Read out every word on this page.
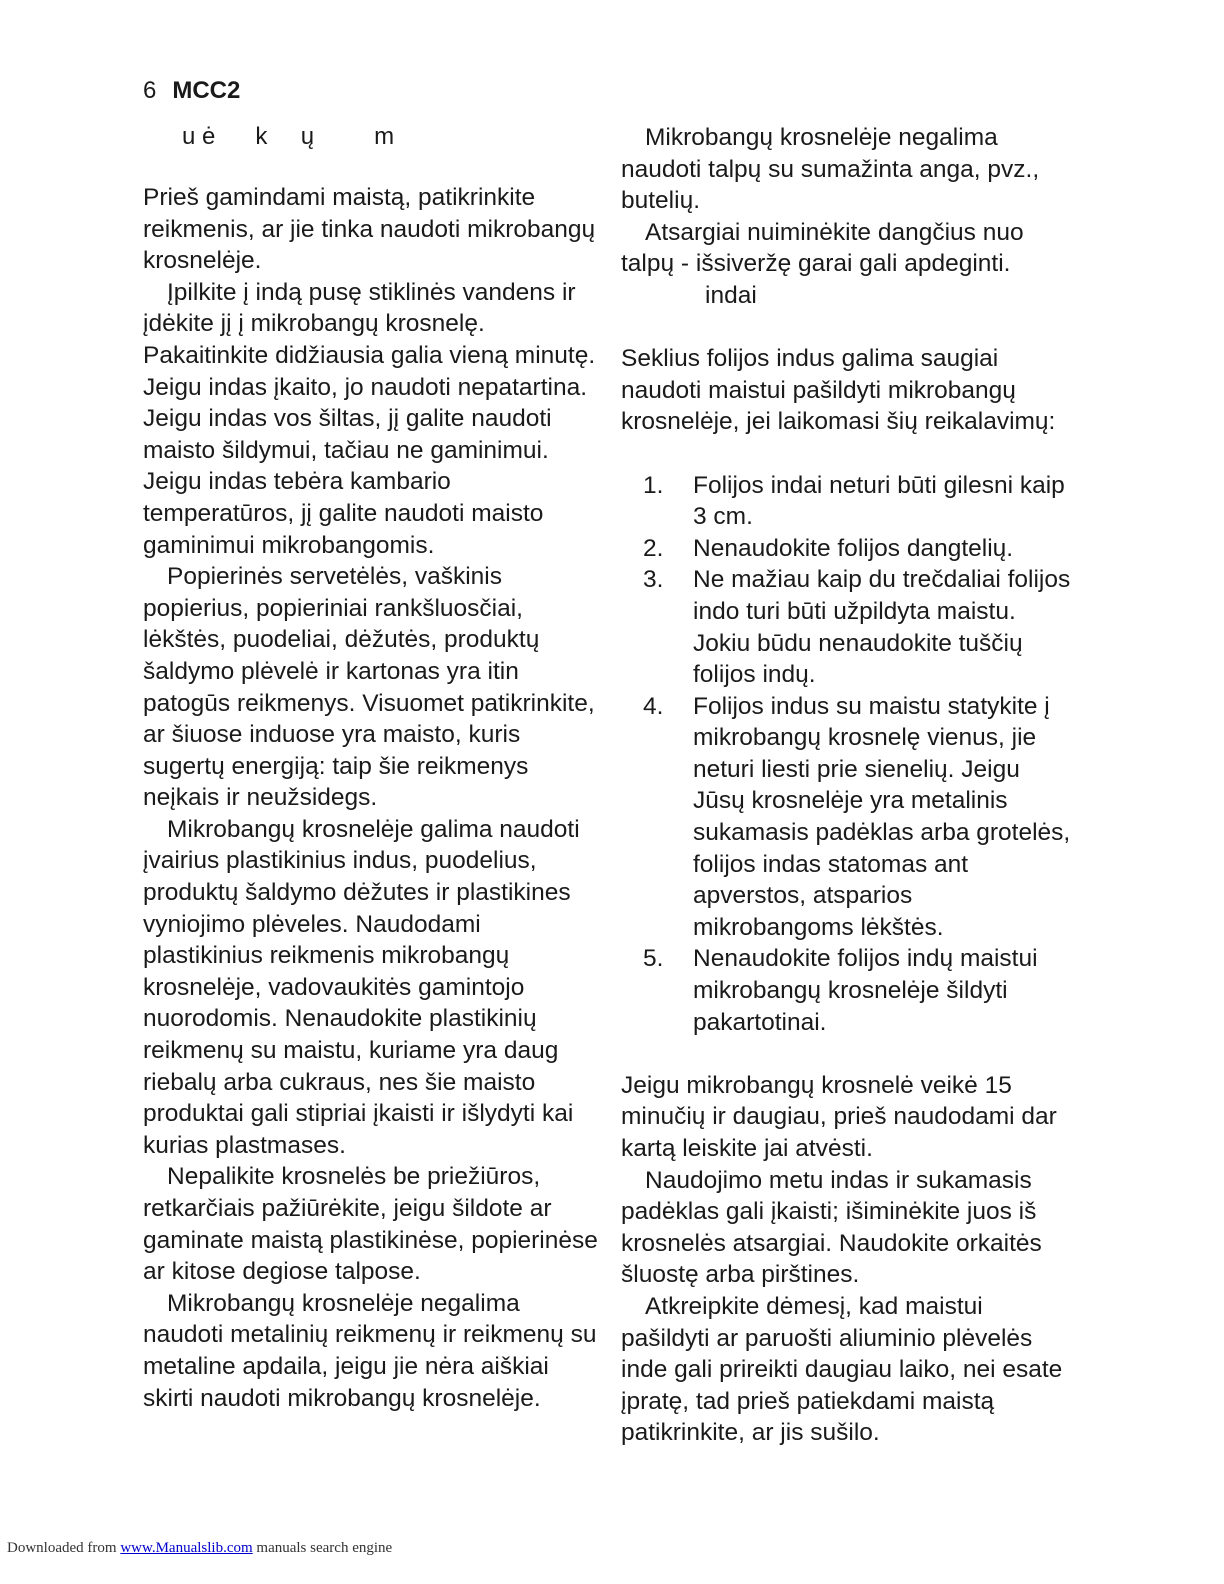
6 MCC2
u ė      k     ų         m

Prieš gamindami maistą, patikrinkite reikmenis, ar jie tinka naudoti mikrobangų krosnelėje.

Įpilkite į indą pusę stiklinės vandens ir įdėkite jį į mikrobangų krosnelę. Pakaitinkite didžiausia galia vieną minutę. Jeigu indas įkaito, jo naudoti nepatartina. Jeigu indas vos šiltas, jį galite naudoti maisto šildymui, tačiau ne gaminimui. Jeigu indas tebėra kambario temperatūros, jį galite naudoti maisto gaminimui mikrobangomis.

Popierinės servetėlės, vaškinis popierius, popieriniai rankšluosčiai, lėkštės, puodeliai, dėžutės, produktų šaldymo plėvelė ir kartonas yra itin patogūs reikmenys. Visuomet patikrinkite, ar šiuose induose yra maisto, kuris sugertų energiją: taip šie reikmenys neįkais ir neužsidegs.

Mikrobangų krosnelėje galima naudoti įvairius plastikinius indus, puodelius, produktų šaldymo dėžutes ir plastikines vyniojimo plėveles. Naudodami plastikinius reikmenis mikrobangų krosnelėje, vadovaukitės gamintojo nuorodomis. Nenaudokite plastikinių reikmenų su maistu, kuriame yra daug riebalų arba cukraus, nes šie maisto produktai gali stipriai įkaisti ir išlydyti kai kurias plastmases.

Nepalikite krosnelės be priežiūros, retkarčiais pažiūrėkite, jeigu šildote ar gaminate maistą plastikinėse, popierinėse ar kitose degiose talpose.

Mikrobangų krosnelėje negalima naudoti metalinių reikmenų ir reikmenų su metaline apdaila, jeigu jie nėra aiškiai skirti naudoti mikrobangų krosnelėje.

Mikrobangų krosnelėje negalima naudoti talpų su sumažinta anga, pvz., butelių.

Atsargiai nuiminėkite dangčius nuo talpų - išsiveržę garai gali apdeginti.

indai

Seklius folijos indus galima saugiai naudoti maistui pašildyti mikrobangų krosnelėje, jei laikomasi šių reikalavimų:

1. Folijos indai neturi būti gilesni kaip 3 cm.
2. Nenaudokite folijos dangtelių.
3. Ne mažiau kaip du trečdaliai folijos indo turi būti užpildyta maistu. Jokiu būdu nenaudokite tuščių folijos indų.
4. Folijos indus su maistu statykite į mikrobangų krosnelę vienus, jie neturi liesti prie sienelių. Jeigu Jūsų krosnelėje yra metalinis sukamasis padėklas arba grotelės, folijos indas statomas ant apverstos, atsparios mikrobangoms lėkštės.
5. Nenaudokite folijos indų maistui mikrobangų krosnelėje šildyti pakartotinai.

Jeigu mikrobangų krosnelė veikė 15 minučių ir daugiau, prieš naudodami dar kartą leiskite jai atvėsti.

Naudojimo metu indas ir sukamasis padėklas gali įkaisti; išiminėkite juos iš krosnelės atsargiai. Naudokite orkaitės šluostę arba pirštines.

Atkreipkite dėmesį, kad maistui pašildyti ar paruošti aliuminio plėvelės inde gali prireikti daugiau laiko, nei esate įpratę, tad prieš patiekdami maistą patikrinkite, ar jis sušilo.

Downloaded from www.Manualslib.com manuals search engine
